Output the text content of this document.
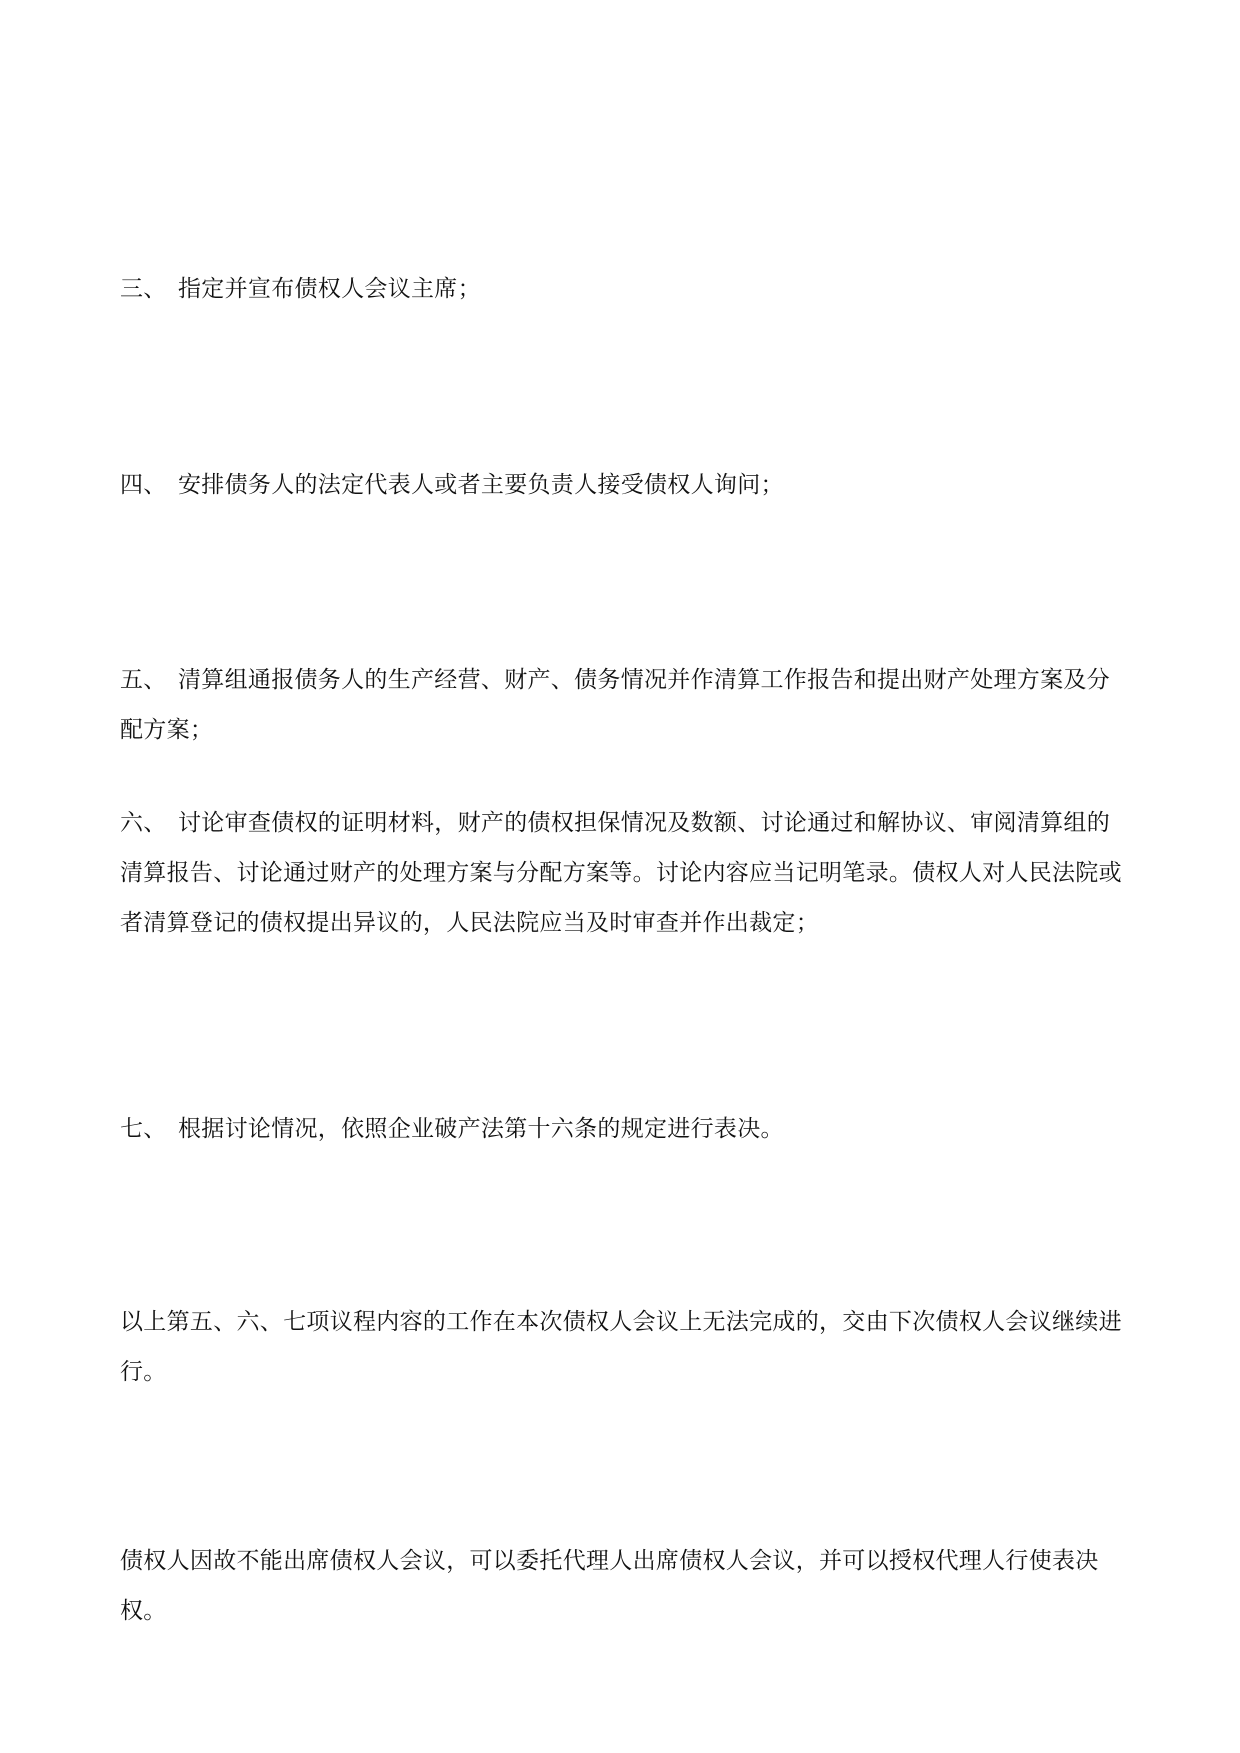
三、 指定并宣布债权人会议主席；

四、 安排债务人的法定代表人或者主要负责人接受债权人询问；

五、 清算组通报债务人的生产经营、财产、债务情况并作清算工作报告和提出财产处理方案及分配方案；

六、 讨论审查债权的证明材料，财产的债权担保情况及数额、讨论通过和解协议、审阅清算组的清算报告、讨论通过财产的处理方案与分配方案等。讨论内容应当记明笔录。债权人对人民法院或者清算登记的债权提出异议的，人民法院应当及时审查并作出裁定；

七、 根据讨论情况，依照企业破产法第十六条的规定进行表决。

以上第五、六、七项议程内容的工作在本次债权人会议上无法完成的，交由下次债权人会议继续进行。

债权人因故不能出席债权人会议，可以委托代理人出席债权人会议，并可以授权代理人行使表决权。
